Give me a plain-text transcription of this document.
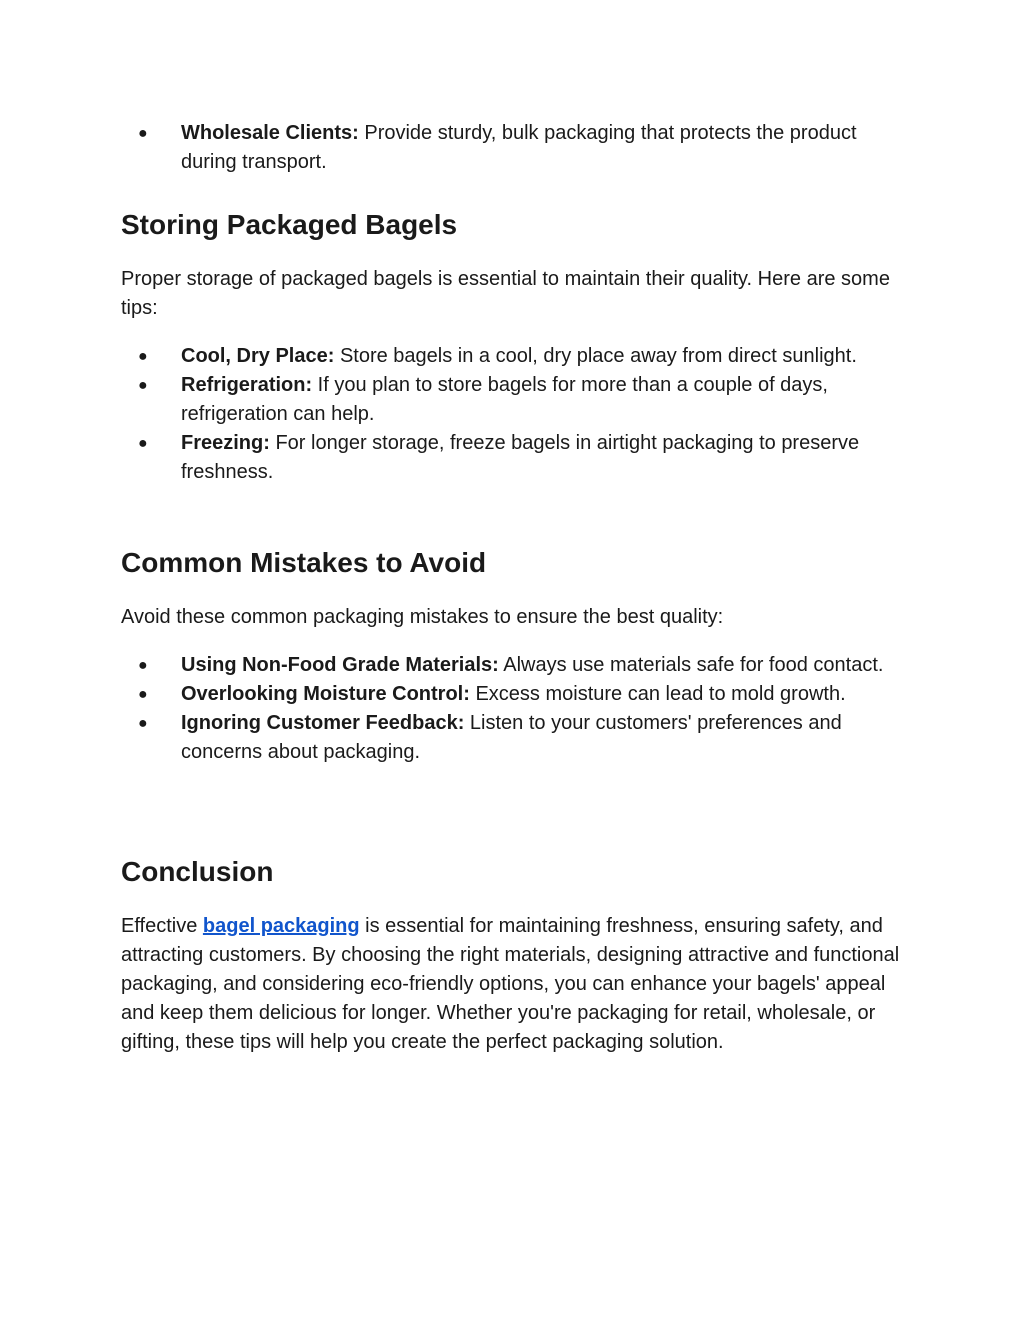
● Wholesale Clients: Provide sturdy, bulk packaging that protects the product during transport.
Storing Packaged Bagels

Proper storage of packaged bagels is essential to maintain their quality. Here are some tips:

● Cool, Dry Place: Store bagels in a cool, dry place away from direct sunlight.
● Refrigeration: If you plan to store bagels for more than a couple of days, refrigeration can help.
● Freezing: For longer storage, freeze bagels in airtight packaging to preserve freshness.
Common Mistakes to Avoid

Avoid these common packaging mistakes to ensure the best quality:

● Using Non-Food Grade Materials: Always use materials safe for food contact.
● Overlooking Moisture Control: Excess moisture can lead to mold growth.
● Ignoring Customer Feedback: Listen to your customers' preferences and concerns about packaging.
Conclusion

Effective bagel packaging is essential for maintaining freshness, ensuring safety, and attracting customers. By choosing the right materials, designing attractive and functional packaging, and considering eco-friendly options, you can enhance your bagels' appeal and keep them delicious for longer. Whether you're packaging for retail, wholesale, or gifting, these tips will help you create the perfect packaging solution.
